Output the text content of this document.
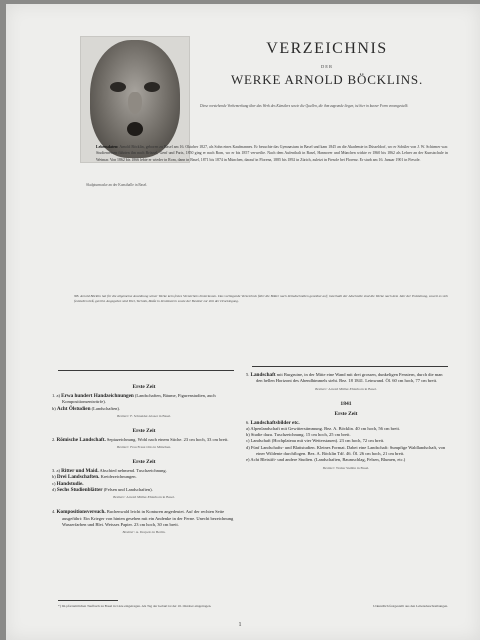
Skulpturmaske an der Kunsthalle in Basel.
VERZEICHNIS
DER
WERKE ARNOLD BÖCKLINS.
Diese vorstehende Vorbemerkung über das Werk des Künstlers sowie die Quellen, die ihm zugrunde liegen, ist hier in kurzer Form vorangestellt.
Lebensdaten: Arnold Böcklin, geboren zu Basel am 16. Oktober 1827, als Sohn eines Kaufmannes. Er besuchte das Gymnasium in Basel und kam 1845 an die Akademie in Düsseldorf, wo er Schüler von J. W. Schirmer war. Studienreisen führten ihn nach Brüssel, Genf und Paris, 1850 ging er nach Rom, wo er bis 1857 verweilte. Nach dem Aufenthalt in Basel, Hannover und München wirkte er 1860 bis 1862 als Lehrer an der Kunstschule in Weimar. Von 1862 bis 1866 lebte er wieder in Rom, dann in Basel, 1871 bis 1874 in München, darauf in Florenz, 1885 bis 1892 in Zürich, zuletzt in Fiesole bei Florenz. Er starb am 16. Januar 1901 in Fiesole.
NB. Arnold Böcklin hat für die allgemeine Anordnung seiner Werke kein festes Verzeichnis hinterlassen. Das vorliegende Verzeichnis führt die Bilder nach Zeitabschnitten geordnet auf; innerhalb der Abschnitte sind die Werke nach dem Jahr der Entstehung, soweit es sich feststellen ließ, gereiht. Angegeben sind Titel, Technik, Maße in Zentimetern sowie der Besitzer zur Zeit der Drucklegung.
Erste Zeit
1. a) Erwa hundert Handzeichnungen (Landschaften, Bäume, Figurenstudien, auch Kompositionsentwürfe).
b) Acht Ölstudien (Landschaften).
Besitzer: F. Schneider-Glaser in Basel.
Erste Zeit
2. Römische Landschaft. Sepiazeichnung. Wohl nach einem Stiche. 23 cm hoch, 33 cm breit.
Besitzer: Frau Frauz Otto in München.
Erste Zeit
3. a) Ritter und Maid. Abschied nehmend. Tuschzeichnung.
b) Drei Landschaften. Kreidezeichnungen.
c) Handstudie.
d) Sechs Studienblätter (Felsen und Landschaften).
Besitzer: Arnold Müller-Ehlerhorn in Basel.
4. Kompositionsversuch. Buchenwald leicht in Konturen angedeutet. Auf der rechten Seite ausgeführt: Ein Krieger von hinten gesehen mit ein Andenke in der Ferne. Unecht bezeichnung Wasserfarben und Blei. Weisses Papier. 23 cm hoch, 30 cm breit.
Besitzer: A. Dorpelo in Berlin.
5. Landschaft mit Burgruine, in der Mitte eine Wand mit drei grossen, dunkeligen Fenstern, durch die man den hellen Horizont des Abendhimmels sieht. Bez. 18 1841. Leinwand. Öl. 60 cm hoch, 77 cm breit.
Besitzer: Arnold Müller-Ehlerhorn in Basel.
1841
Erste Zeit
6. Landschaftsbilder etc.
a) Alpenlandschaft mit Gewitterstimmung. Bez. A. Böcklin. 40 cm hoch, 56 cm breit.
b) Studie dazu. Tuschzeichnung. 15 cm hoch, 25 cm breit.
c) Landschaft (Hochplateau mit vier Wetterstauen). 23 cm hoch, 72 cm breit.
d) Fünf Landschafts- und Blattstudien. Kleines Format. Dabei eine Landschaft: Sumpfige Waldlandschaft, von einer Wildente durchflogen. Bez. A. Böcklin Tdf. 46. Öl. 26 cm hoch, 21 cm breit.
e) Acht Bleistift- und andere Studien. (Landschaften, Baumschlag, Felsen, Blumen, etc.)
Besitzer: Walter Stehlin in Basel.
*) Im pfarramtlichen Taufbuch zu Basel in Liste eingetragen. Als Tag der Geburt ist der 16. Oktober eingetragen.	Urkundlich festgestellt aus den Lebensbeschreibungen.
1
